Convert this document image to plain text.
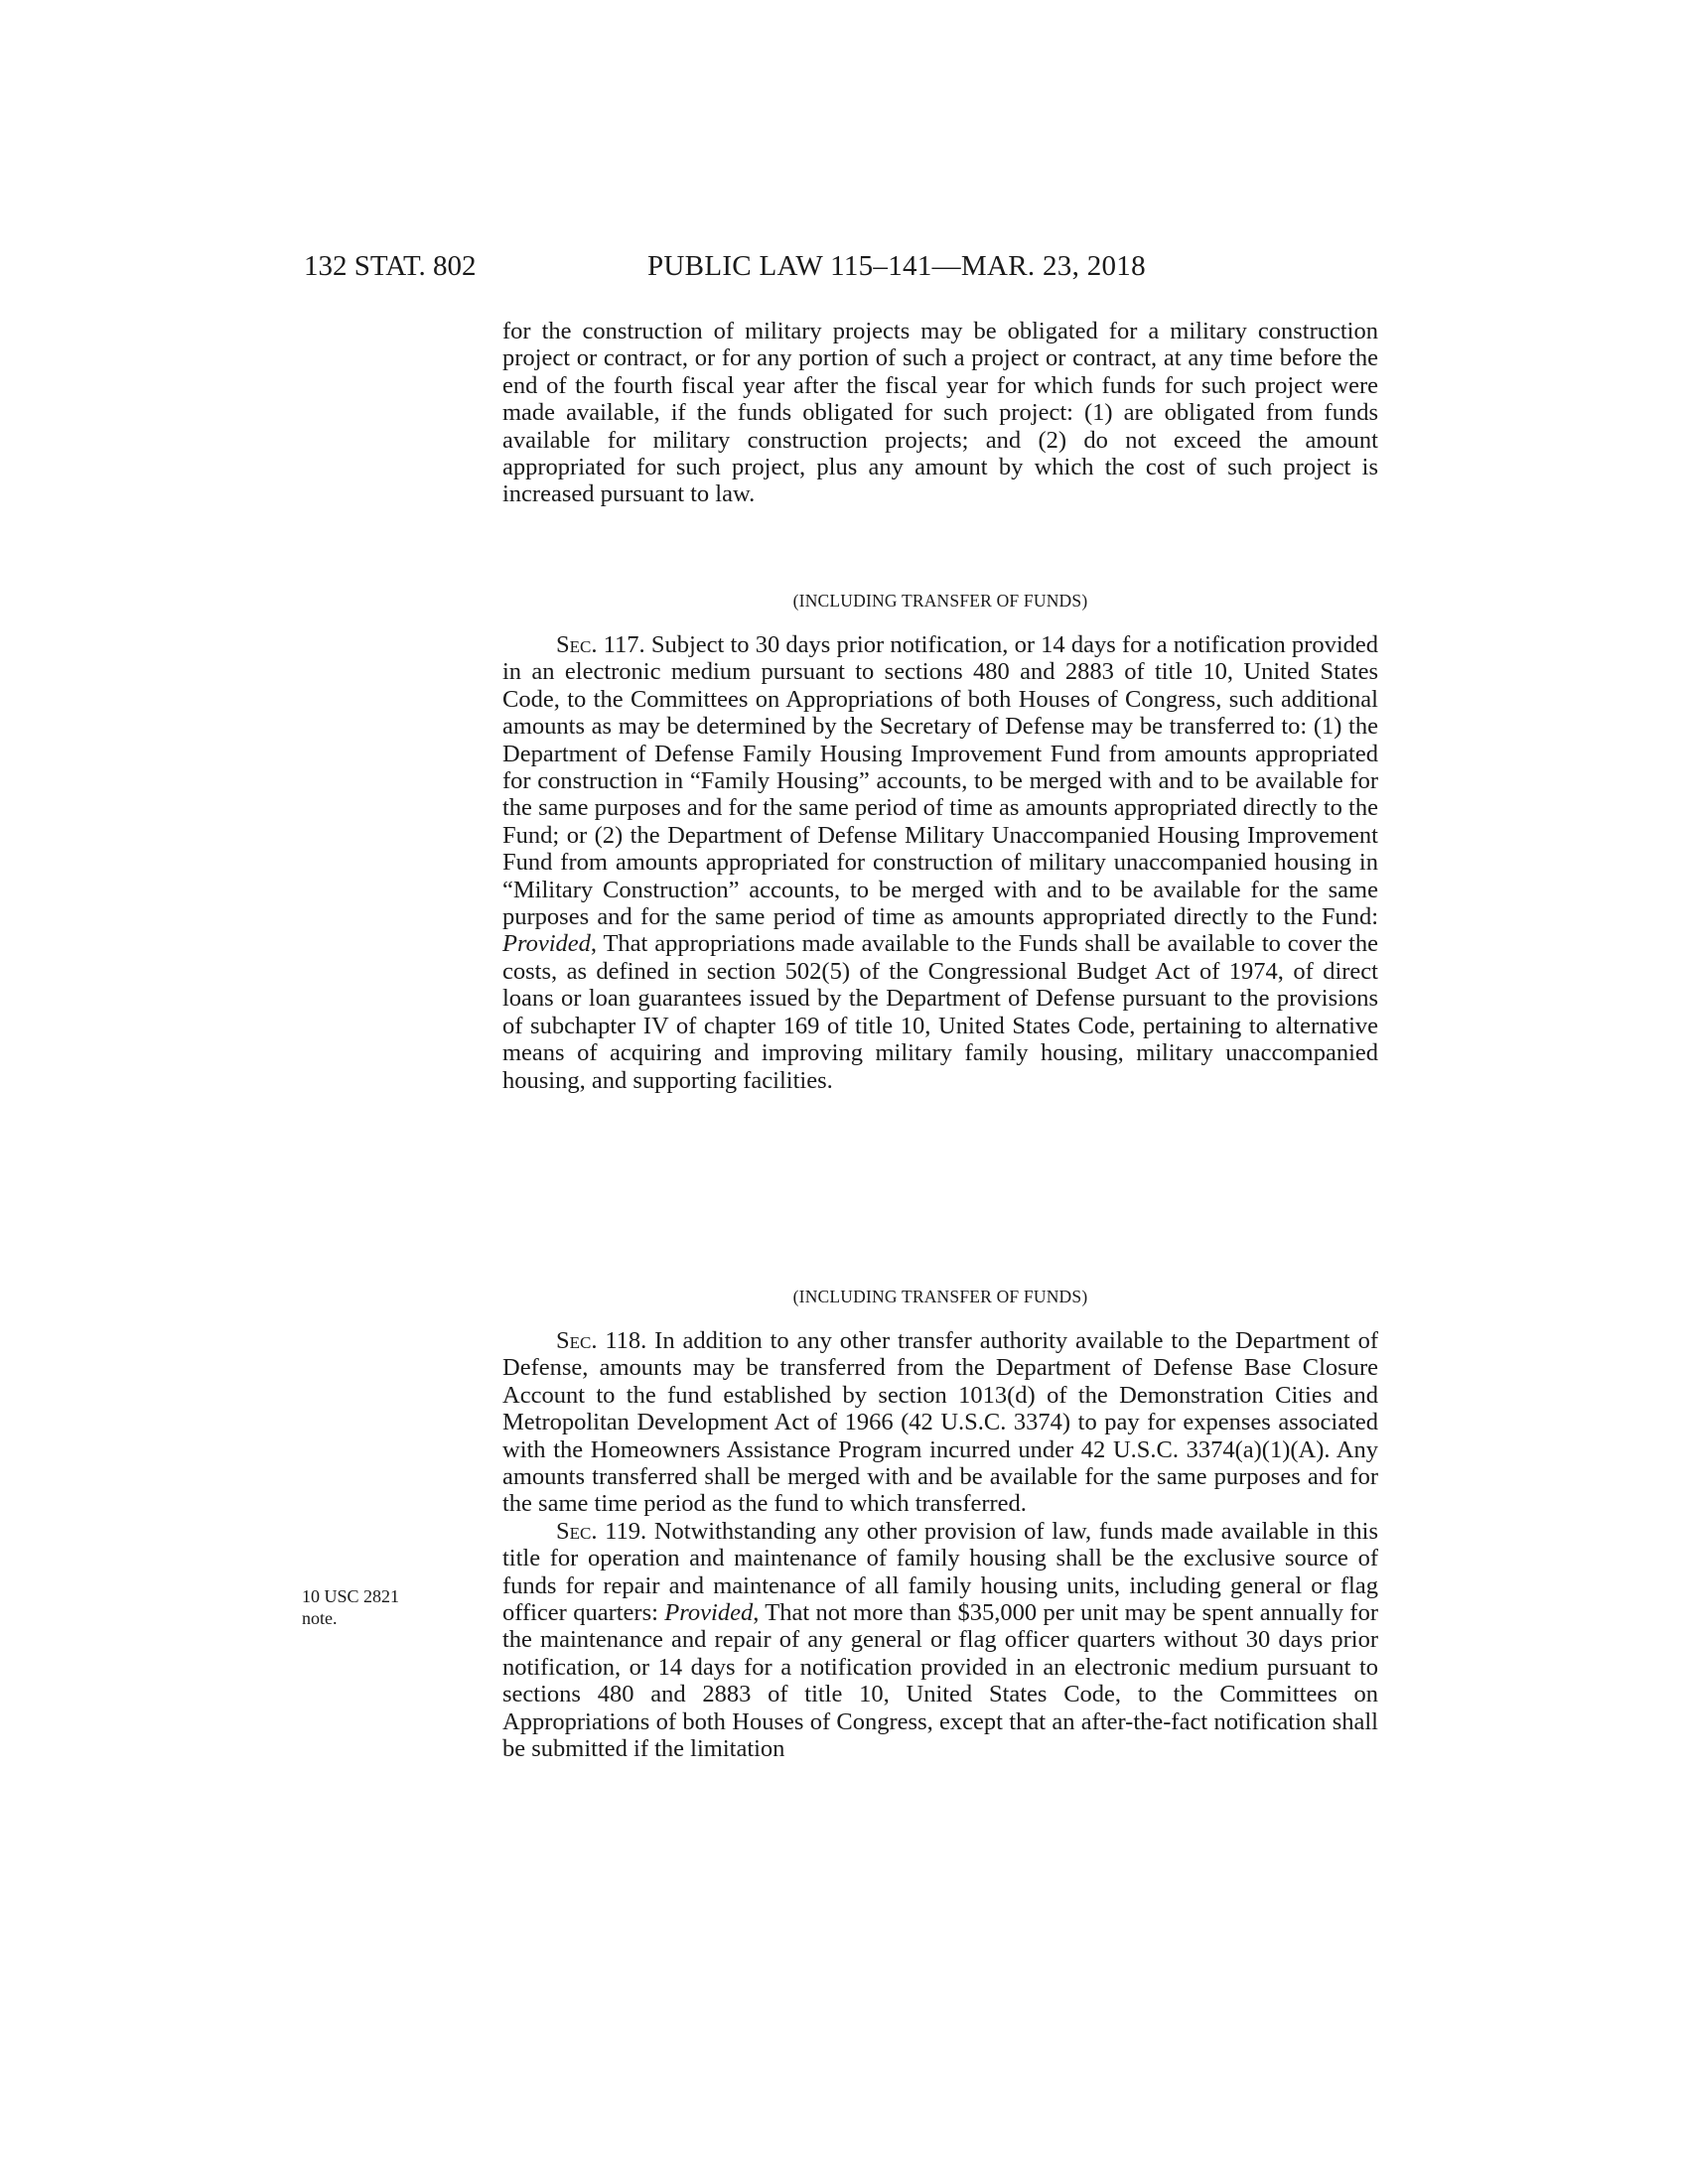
132 STAT. 802	PUBLIC LAW 115–141—MAR. 23, 2018
10 USC 2821
note.

for the construction of military projects may be obligated for a military construction project or contract, or for any portion of such a project or contract, at any time before the end of the fourth fiscal year after the fiscal year for which funds for such project were made available, if the funds obligated for such project: (1) are obligated from funds available for military construction projects; and (2) do not exceed the amount appropriated for such project, plus any amount by which the cost of such project is increased pursuant to law.

(INCLUDING TRANSFER OF FUNDS)

Sec. 117. Subject to 30 days prior notification, or 14 days for a notification provided in an electronic medium pursuant to sections 480 and 2883 of title 10, United States Code, to the Committees on Appropriations of both Houses of Congress, such additional amounts as may be determined by the Secretary of Defense may be transferred to: (1) the Department of Defense Family Housing Improvement Fund from amounts appropriated for construction in “Family Housing” accounts, to be merged with and to be available for the same purposes and for the same period of time as amounts appropriated directly to the Fund; or (2) the Department of Defense Military Unaccompanied Housing Improvement Fund from amounts appropriated for construction of military unaccompanied housing in “Military Construction” accounts, to be merged with and to be available for the same purposes and for the same period of time as amounts appropriated directly to the Fund: Provided, That appropriations made available to the Funds shall be available to cover the costs, as defined in section 502(5) of the Congressional Budget Act of 1974, of direct loans or loan guarantees issued by the Department of Defense pursuant to the provisions of subchapter IV of chapter 169 of title 10, United States Code, pertaining to alternative means of acquiring and improving military family housing, military unaccompanied housing, and supporting facilities.

(INCLUDING TRANSFER OF FUNDS)

Sec. 118. In addition to any other transfer authority available to the Department of Defense, amounts may be transferred from the Department of Defense Base Closure Account to the fund established by section 1013(d) of the Demonstration Cities and Metropolitan Development Act of 1966 (42 U.S.C. 3374) to pay for expenses associated with the Homeowners Assistance Program incurred under 42 U.S.C. 3374(a)(1)(A). Any amounts transferred shall be merged with and be available for the same purposes and for the same time period as the fund to which transferred.

Sec. 119. Notwithstanding any other provision of law, funds made available in this title for operation and maintenance of family housing shall be the exclusive source of funds for repair and maintenance of all family housing units, including general or flag officer quarters: Provided, That not more than $35,000 per unit may be spent annually for the maintenance and repair of any general or flag officer quarters without 30 days prior notification, or 14 days for a notification provided in an electronic medium pursuant to sections 480 and 2883 of title 10, United States Code, to the Committees on Appropriations of both Houses of Congress, except that an after-the-fact notification shall be submitted if the limitation
